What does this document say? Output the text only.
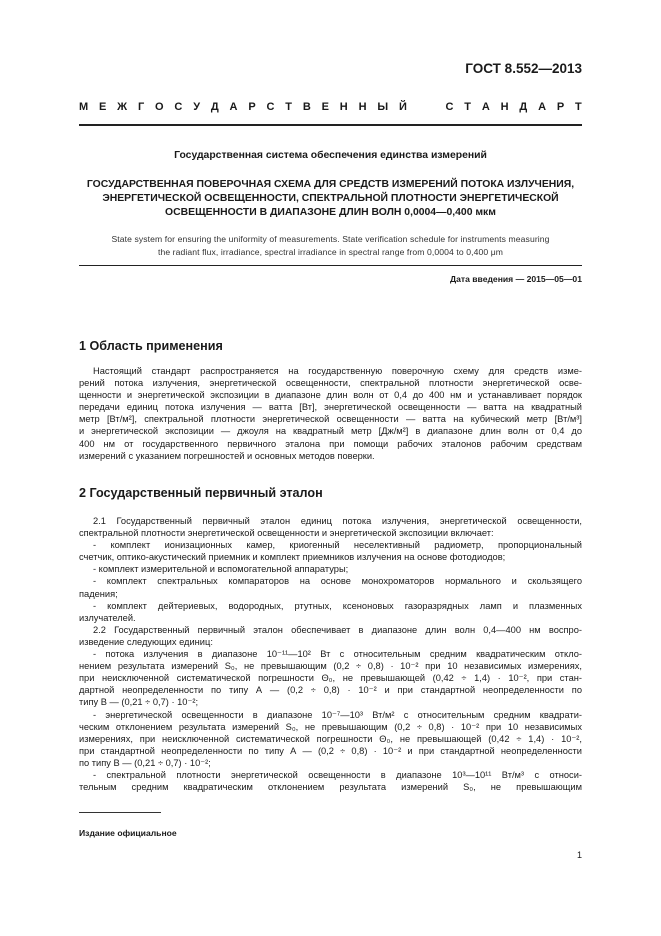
ГОСТ 8.552—2013
М Е Ж Г О С У Д А Р С Т В Е Н Н Ы Й

	С Т А Н Д А Р Т
Государственная система обеспечения единства измерений
ГОСУДАРСТВЕННАЯ ПОВЕРОЧНАЯ СХЕМА ДЛЯ СРЕДСТВ ИЗМЕРЕНИЙ ПОТОКА ИЗЛУЧЕНИЯ,
ЭНЕРГЕТИЧЕСКОЙ ОСВЕЩЕННОСТИ, СПЕКТРАЛЬНОЙ ПЛОТНОСТИ ЭНЕРГЕТИЧЕСКОЙ
ОСВЕЩЕННОСТИ В ДИАПАЗОНЕ ДЛИН ВОЛН 0,0004—0,400 мкм
State system for ensuring the uniformity of measurements. State verification schedule for instruments measuring
the radiant flux, irradiance, spectral irradiance in spectral range from 0,0004 to 0,400 μm
Дата введения — 2015—05—01
1 Область применения
Настоящий стандарт распространяется на государственную поверочную схему для средств изме-
рений потока излучения, энергетической освещенности, спектральной плотности энергетической осве-
щенности и энергетической экспозиции в диапазоне длин волн от 0,4 до 400 нм и устанавливает порядок
передачи единиц потока излучения — ватта [Вт], энергетической освещенности — ватта на квадратный
метр [Вт/м²], спектральной плотности энергетической освещенности — ватта на кубический метр [Вт/м³]
и энергетической экспозиции — джоуля на квадратный метр [Дж/м²] в диапазоне длин волн от 0,4 до
400 нм от государственного первичного эталона при помощи рабочих эталонов рабочим средствам
измерений с указанием погрешностей и основных методов поверки.
2 Государственный первичный эталон
2.1 Государственный первичный эталон единиц потока излучения, энергетической освещенности,
спектральной плотности энергетической освещенности и энергетической экспозиции включает:
- комплект ионизационных камер, криогенный неселективный радиометр, пропорциональный
счетчик, оптико-акустический приемник и комплект приемников излучения на основе фотодиодов;
- комплект измерительной и вспомогательной аппаратуры;
- комплект спектральных компараторов на основе монохроматоров нормального и скользящего
падения;
- комплект дейтериевых, водородных, ртутных, ксеноновых газоразрядных ламп и плазменных
излучателей.
2.2 Государственный первичный эталон обеспечивает в диапазоне длин волн 0,4—400 нм воспро-
изведение следующих единиц:
- потока излучения в диапазоне 10⁻¹¹—10² Вт с относительным средним квадратическим откло-
нением результата измерений S₀, не превышающим (0,2 ÷ 0,8) · 10⁻² при 10 независимых измерениях,
при неисключенной систематической погрешности Θ₀, не превышающей (0,42 ÷ 1,4) · 10⁻², при стан-
дартной неопределенности по типу А — (0,2 ÷ 0,8) · 10⁻² и при стандартной неопределенности по
типу В — (0,21 ÷ 0,7) · 10⁻²;
- энергетической освещенности в диапазоне 10⁻⁷—10³ Вт/м² с относительным средним квадрати-
ческим отклонением результата измерений S₀, не превышающим (0,2 ÷ 0,8) · 10⁻² при 10 независимых
измерениях, при неисключенной систематической погрешности Θ₀, не превышающей (0,42 ÷ 1,4) · 10⁻²,
при стандартной неопределенности по типу А — (0,2 ÷ 0,8) · 10⁻² и при стандартной неопределенности
по типу В — (0,21 ÷ 0,7) · 10⁻²;
- спектральной плотности энергетической освещенности в диапазоне 10³—10¹¹ Вт/м³ с относи-
тельным средним квадратическим отклонением результата измерений S₀, не превышающим
Издание официальное
1
